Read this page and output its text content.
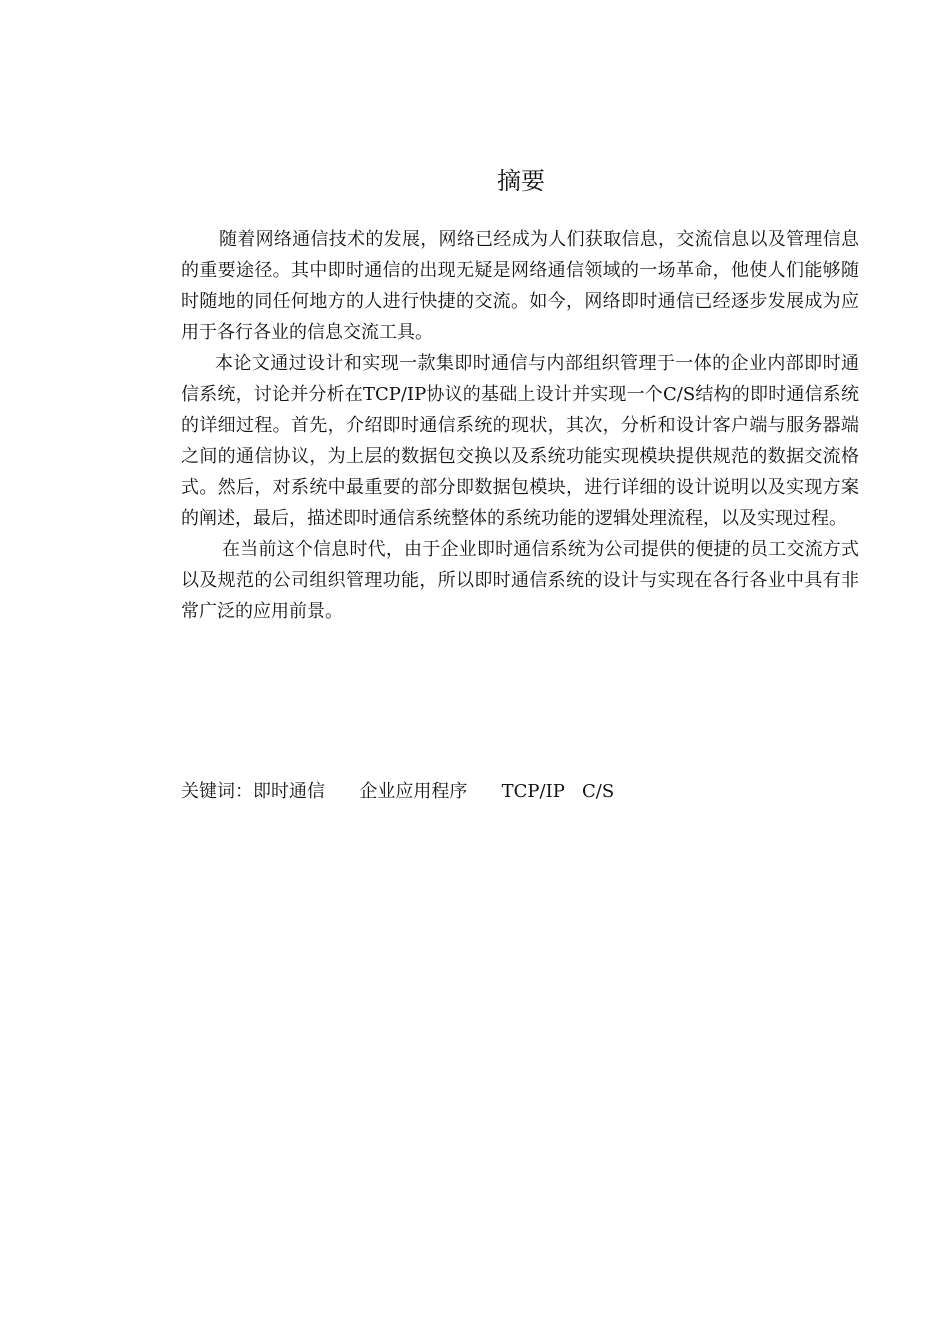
摘要

随着网络通信技术的发展，网络已经成为人们获取信息，交流信息以及管理信息的重要途径。其中即时通信的出现无疑是网络通信领域的一场革命，他使人们能够随时随地的同任何地方的人进行快捷的交流。如今，网络即时通信已经逐步发展成为应用于各行各业的信息交流工具。

本论文通过设计和实现一款集即时通信与内部组织管理于一体的企业内部即时通信系统，讨论并分析在TCP/IP协议的基础上设计并实现一个C/S结构的即时通信系统的详细过程。首先，介绍即时通信系统的现状，其次，分析和设计客户端与服务器端之间的通信协议，为上层的数据包交换以及系统功能实现模块提供规范的数据交流格式。然后，对系统中最重要的部分即数据包模块，进行详细的设计说明以及实现方案的阐述，最后，描述即时通信系统整体的系统功能的逻辑处理流程，以及实现过程。

在当前这个信息时代，由于企业即时通信系统为公司提供的便捷的员工交流方式以及规范的公司组织管理功能，所以即时通信系统的设计与实现在各行各业中具有非常广泛的应用前景。

关键词：即时通信      企业应用程序      TCP/IP   C/S
